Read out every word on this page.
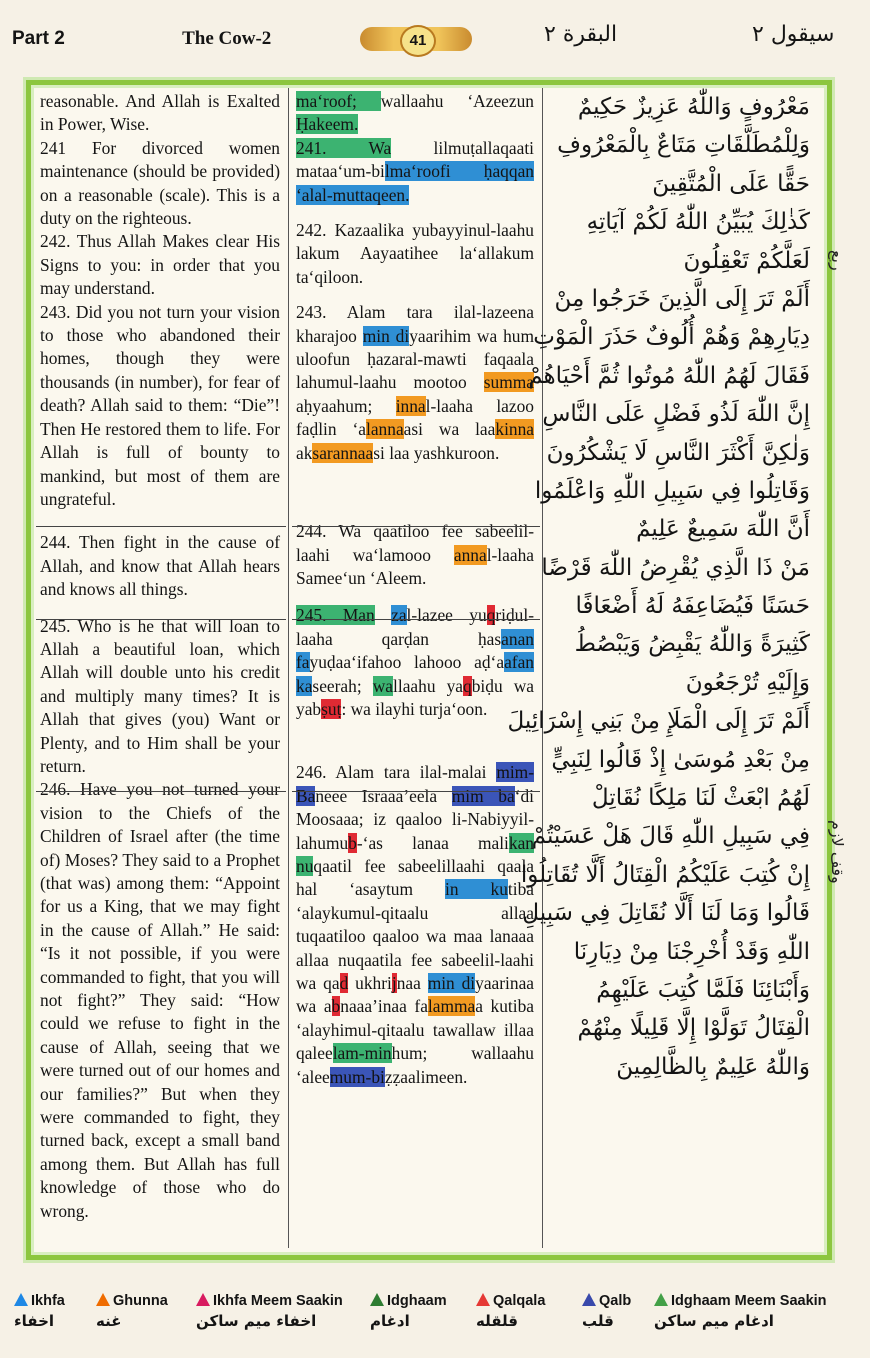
Part 2	The Cow-2	41	البقرة ٢	سيقول ٢

reasonable. And Allah is Exalted in Power, Wise.

241 For divorced women maintenance (should be provided) on a reasonable (scale). This is a duty on the righteous.

242. Thus Allah Makes clear His Signs to you: in order that you may understand.

243. Did you not turn your vision to those who abandoned their homes, though they were thousands (in number), for fear of death? Allah said to them: “Die”! Then He restored them to life. For Allah is full of bounty to mankind, but most of them are ungrateful.

244. Then fight in the cause of Allah, and know that Allah hears and knows all things.

245. Who is he that will loan to Allah a beautiful loan, which Allah will double unto his credit and multiply many times? It is Allah that gives (you) Want or Plenty, and to Him shall be your return.

246. Have you not turned your vision to the Chiefs of the Children of Israel after (the time of) Moses? They said to a Prophet (that was) among them: “Appoint for us a King, that we may fight in the cause of Allah.” He said: “Is it not possible, if you were commanded to fight, that you will not fight?” They said: “How could we refuse to fight in the cause of Allah, seeing that we were turned out of our homes and our families?” But when they were commanded to fight, they turned back, except a small band among them. But Allah has full knowledge of those who do wrong.

ma‘roof; wallaahu ‘Azeezun Ḥakeem.

241. Wa lilmuṭallaqaati mataa‘um-bilma‘roofi ḥaqqan ‘alal-muttaqeen.

242. Kazaalika yubayyinul-laahu lakum Aayaatihee la‘allakum ta‘qiloon.

243. Alam tara ilal-lazeena kharajoo min diyaarihim wa hum uloofun ḥazaral-mawti faqaala lahumul-laahu mootoo summa aḥyaahum; innal-laaha lazoo faḍlin ‘alannaasi wa laakinna aksarannaasi laa yashkuroon.

244. Wa qaatiloo fee sabeelil-laahi wa‘lamooo annal-laaha Samee‘un ‘Aleem.

245. Man zal-lazee yuqriḍul-laaha qarḍan ḥasanan fayuḍaa‘ifahoo lahooo aḍ‘aafan kaseerah; wallaahu yaqbiḍu wa yabṣuṭ: wa ilayhi turja‘oon.

246. Alam tara ilal-malai mim-Baneee Israaa’eela mim ba‘di Moosaaa; iz qaaloo li-Nabiyyil-lahumub-‘as lanaa malikan nuqaatil fee sabeelillaahi qaala hal ‘asaytum in kutiba ‘alaykumul-qitaalu allaa tuqaatiloo qaaloo wa maa lanaaa allaa nuqaatila fee sabeelil-laahi wa qad ukhrijnaa min diyaarinaa wa abnaaa’inaa falammaa kutiba ‘alayhimul-qitaalu tawallaw illaa qaleelam-minhum; wallaahu ‘aleemum-biẓẓaalimeen.

مَعْرُوفٍ وَاللّٰهُ عَزِيزٌ حَكِيمٌ
وَلِلْمُطَلَّقَاتِ مَتَاعٌ بِالْمَعْرُوفِ
حَقًّا عَلَى الْمُتَّقِينَ
كَذٰلِكَ يُبَيِّنُ اللّٰهُ لَكُمْ آيَاتِهِ
لَعَلَّكُمْ تَعْقِلُونَ
أَلَمْ تَرَ إِلَى الَّذِينَ خَرَجُوا مِنْ
دِيَارِهِمْ وَهُمْ أُلُوفٌ حَذَرَ الْمَوْتِ
فَقَالَ لَهُمُ اللّٰهُ مُوتُوا ثُمَّ أَحْيَاهُمْ
إِنَّ اللّٰهَ لَذُو فَضْلٍ عَلَى النَّاسِ
وَلٰكِنَّ أَكْثَرَ النَّاسِ لَا يَشْكُرُونَ
وَقَاتِلُوا فِي سَبِيلِ اللّٰهِ وَاعْلَمُوا
أَنَّ اللّٰهَ سَمِيعٌ عَلِيمٌ
مَنْ ذَا الَّذِي يُقْرِضُ اللّٰهَ قَرْضًا
حَسَنًا فَيُضَاعِفَهُ لَهُ أَضْعَافًا
كَثِيرَةً وَاللّٰهُ يَقْبِضُ وَيَبْصُطُ
وَإِلَيْهِ تُرْجَعُونَ
أَلَمْ تَرَ إِلَى الْمَلَإِ مِنْ بَنِي إِسْرَائِيلَ
مِنْ بَعْدِ مُوسَىٰ إِذْ قَالُوا لِنَبِيٍّ
لَهُمُ ابْعَثْ لَنَا مَلِكًا نُقَاتِلْ
فِي سَبِيلِ اللّٰهِ قَالَ هَلْ عَسَيْتُمْ
إِنْ كُتِبَ عَلَيْكُمُ الْقِتَالُ أَلَّا تُقَاتِلُوا
قَالُوا وَمَا لَنَا أَلَّا نُقَاتِلَ فِي سَبِيلِ
اللّٰهِ وَقَدْ أُخْرِجْنَا مِنْ دِيَارِنَا
وَأَبْنَائِنَا فَلَمَّا كُتِبَ عَلَيْهِمُ
الْقِتَالُ تَوَلَّوْا إِلَّا قَلِيلًا مِنْهُمْ
وَاللّٰهُ عَلِيمٌ بِالظَّالِمِينَ
ربع
وقف لازم
Ikhfa
اخفاء
Ghunna
غنه
Ikhfa Meem Saakin
اخفاء ميم ساكن
Idghaam
ادغام
Qalqala
قلقله
Qalb
قلب
Idghaam Meem Saakin
ادغام ميم ساكن
